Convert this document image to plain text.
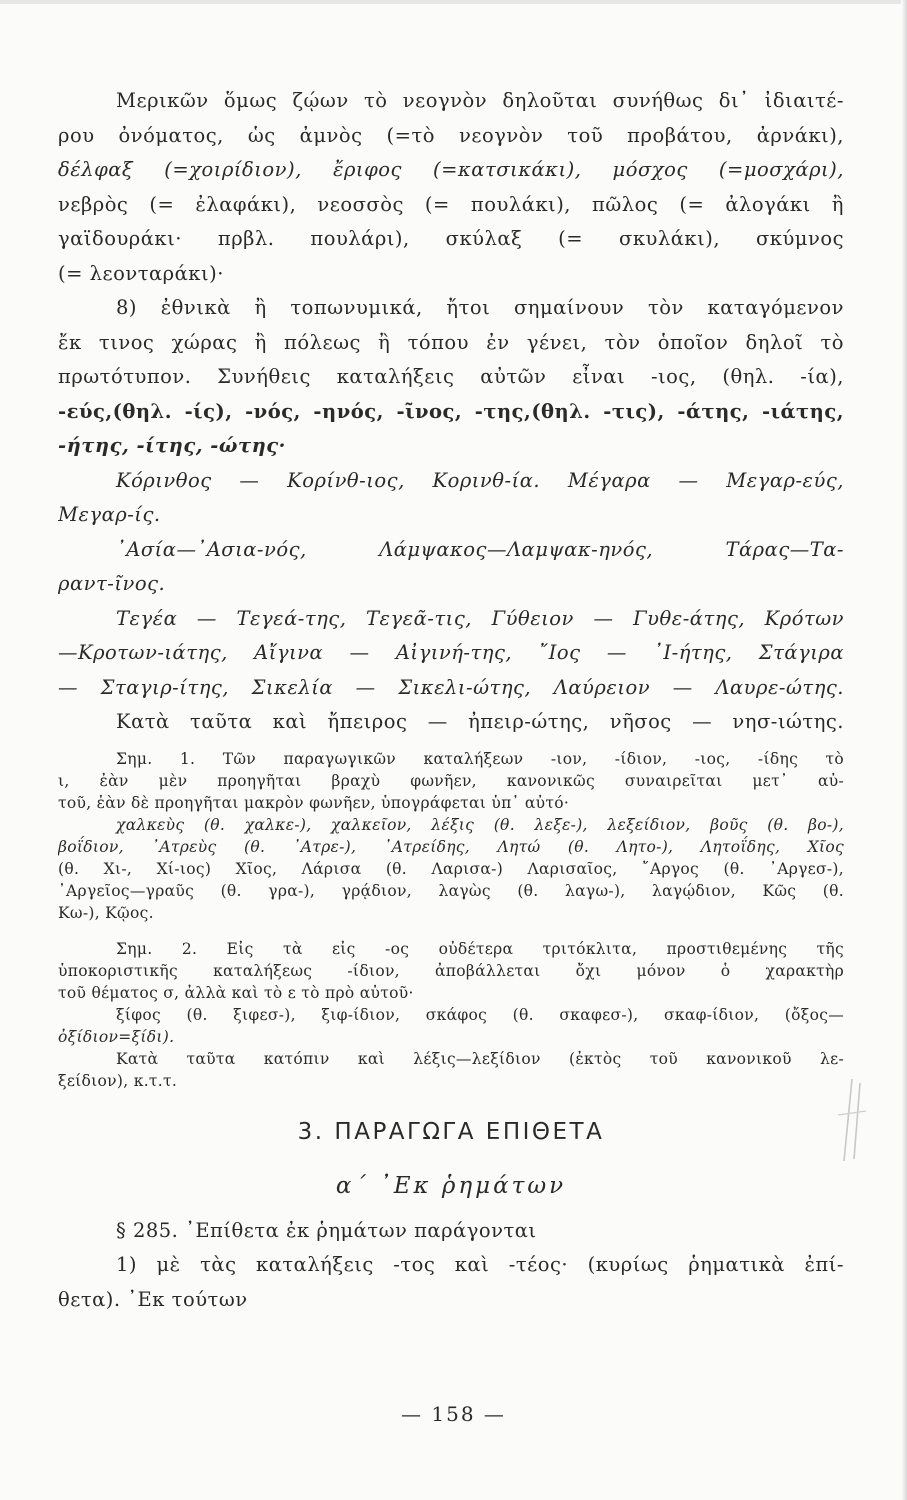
Μερικῶν ὅμως ζῴων τὸ νεογνὸν δηλοῦται συνήθως δι᾽ ἰδιαιτέ-
ρου ὀνόματος, ὡς ἀμνὸς (=τὸ νεογνὸν τοῦ προβάτου, ἀρνάκι),
δέλφαξ (=χοιρίδιον), ἔριφος (=κατσικάκι), μόσχος (=μοσχάρι),
νεβρὸς (= ἐλαφάκι), νεοσσὸς (= πουλάκι), πῶλος (= ἀλογάκι ἢ
γαϊδουράκι· πρβλ. πουλάρι), σκύλαξ (= σκυλάκι), σκύμνος
(= λεονταράκι)·
8) ἐθνικὰ ἢ τοπωνυμικά, ἤτοι σημαίνουν τὸν καταγόμενον
ἔκ τινος χώρας ἢ πόλεως ἢ τόπου ἐν γένει, τὸν ὁποῖον δηλοῖ τὸ
πρωτότυπον. Συνήθεις καταλήξεις αὐτῶν εἶναι -ιος, (θηλ. -ία),
-εύς,(θηλ. -ίς), -νός, -ηνός, -ῖνος, -της,(θηλ. -τις), -άτης, -ιάτης,
-ήτης, -ίτης, -ώτης·
Κόρινθος — Κορίνθ-ιος, Κορινθ-ία. Μέγαρα — Μεγαρ-εύς,
Μεγαρ-ίς.
᾽Ασία—᾽Ασια-νός, Λάμψακος—Λαμψακ-ηνός, Τάρας—Τα-
ραντ-ῖνος.
Τεγέα — Τεγεά-της, Τεγεᾶ-τις, Γύθειον — Γυθε-άτης, Κρότων
—Κροτων-ιάτης, Αἴγινα — Αἰγινή-της, ῎Ιος — ᾽Ι-ήτης, Στάγιρα
— Σταγιρ-ίτης, Σικελία — Σικελι-ώτης, Λαύρειον — Λαυρε-ώτης.
Κατὰ ταῦτα καὶ ἤπειρος — ἠπειρ-ώτης, νῆσος — νησ-ιώτης.
Σημ. 1. Τῶν παραγωγικῶν καταλήξεων -ιον, -ίδιον, -ιος, -ίδης τὸ
ι, ἐὰν μὲν προηγῆται βραχὺ φωνῆεν, κανονικῶς συναιρεῖται μετ᾽ αὐ-
τοῦ, ἐὰν δὲ προηγῆται μακρὸν φωνῆεν, ὑπογράφεται ὑπ᾽ αὐτό·
χαλκεὺς (θ. χαλκε-), χαλκεῖον, λέξις (θ. λεξε-), λεξείδιον, βοῦς (θ. βο-),
βοΐδιον, ᾽Ατρεὺς (θ. ᾽Ατρε-), ᾽Ατρείδης, Λητώ (θ. Λητο-), Λητοΐδης, Χῖος
(θ. Χι-, Χί-ιος) Χῖος, Λάρισα (θ. Λαρισα-) Λαρισαῖος, ῎Αργος (θ. ᾽Αργεσ-),
᾽Αργεῖος—γραῦς (θ. γρα-), γρᾴδιον, λαγὼς (θ. λαγω-), λαγῴδιον, Κῶς (θ.
Κω-), Κῷος.
Σημ. 2. Εἰς τὰ εἰς -ος οὐδέτερα τριτόκλιτα, προστιθεμένης τῆς
ὑποκοριστικῆς καταλήξεως -ίδιον, ἀποβάλλεται ὄχι μόνον ὁ χαρακτὴρ
τοῦ θέματος σ, ἀλλὰ καὶ τὸ ε τὸ πρὸ αὐτοῦ·
ξίφος (θ. ξιφεσ-), ξιφ-ίδιον, σκάφος (θ. σκαφεσ-), σκαφ-ίδιον, (ὄξος—
ὀξίδιον=ξίδι).
Κατὰ ταῦτα κατόπιν καὶ λέξις—λεξίδιον (ἐκτὸς τοῦ κανονικοῦ λε-
ξείδιον), κ.τ.τ.
3. ΠΑΡΑΓΩΓΑ ΕΠΙΘΕΤΑ
α΄ ᾽Εκ ῥημάτων
§ 285. ᾽Επίθετα ἐκ ῥημάτων παράγονται
1) μὲ τὰς καταλήξεις -τος καὶ -τέος· (κυρίως ῥηματικὰ ἐπί-
θετα). ᾽Εκ τούτων
— 158 —
